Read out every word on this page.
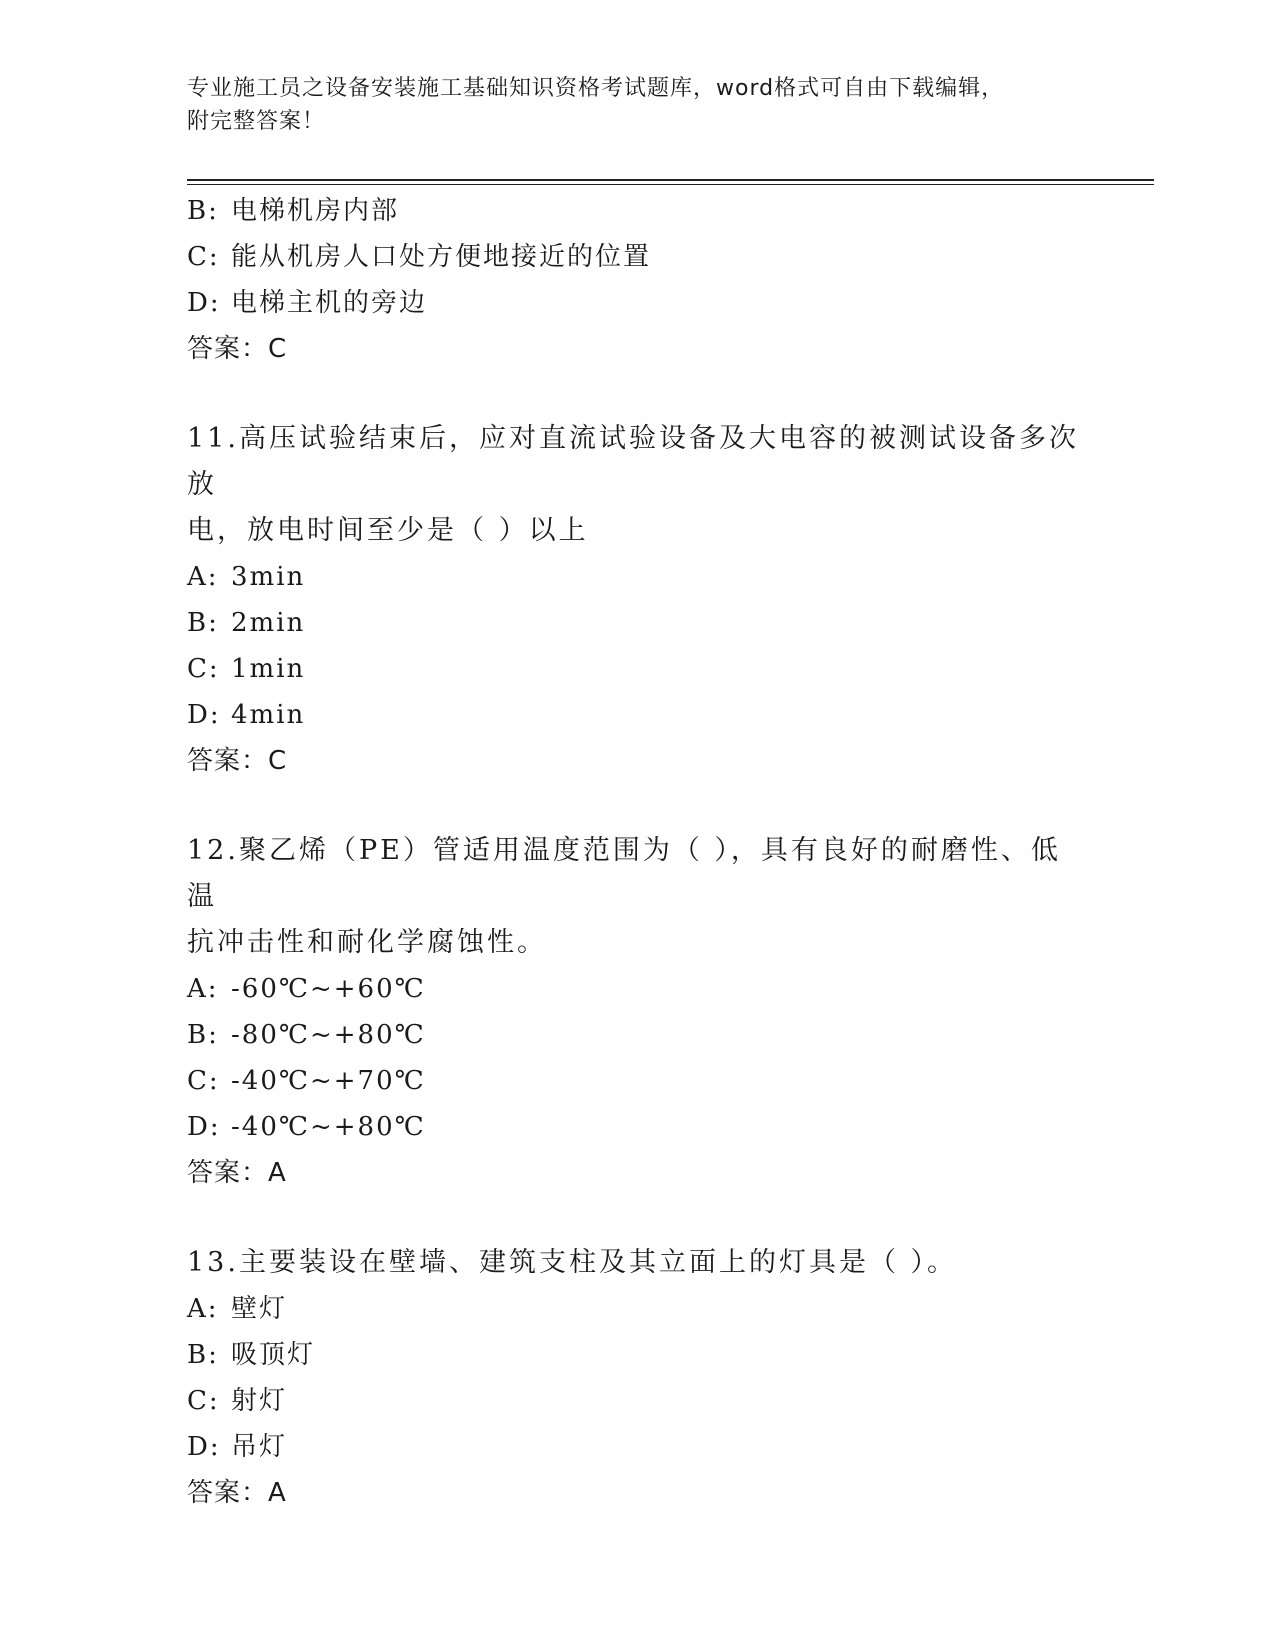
专业施工员之设备安装施工基础知识资格考试题库，word格式可自由下载编辑，
附完整答案！
B: 电梯机房内部
C: 能从机房人口处方便地接近的位置
D: 电梯主机的旁边
答案：C
11.高压试验结束后，应对直流试验设备及大电容的被测试设备多次放
电，放电时间至少是（ ）以上
A: 3min
B: 2min
C: 1min
D: 4min
答案：C
12.聚乙烯（PE）管适用温度范围为（ ），具有良好的耐磨性、低温
抗冲击性和耐化学腐蚀性。
A: -60℃~+60℃
B: -80℃~+80℃
C: -40℃~+70℃
D: -40℃~+80℃
答案：A
13.主要装设在壁墙、建筑支柱及其立面上的灯具是（ ）。
A: 壁灯
B: 吸顶灯
C: 射灯
D: 吊灯
答案：A
